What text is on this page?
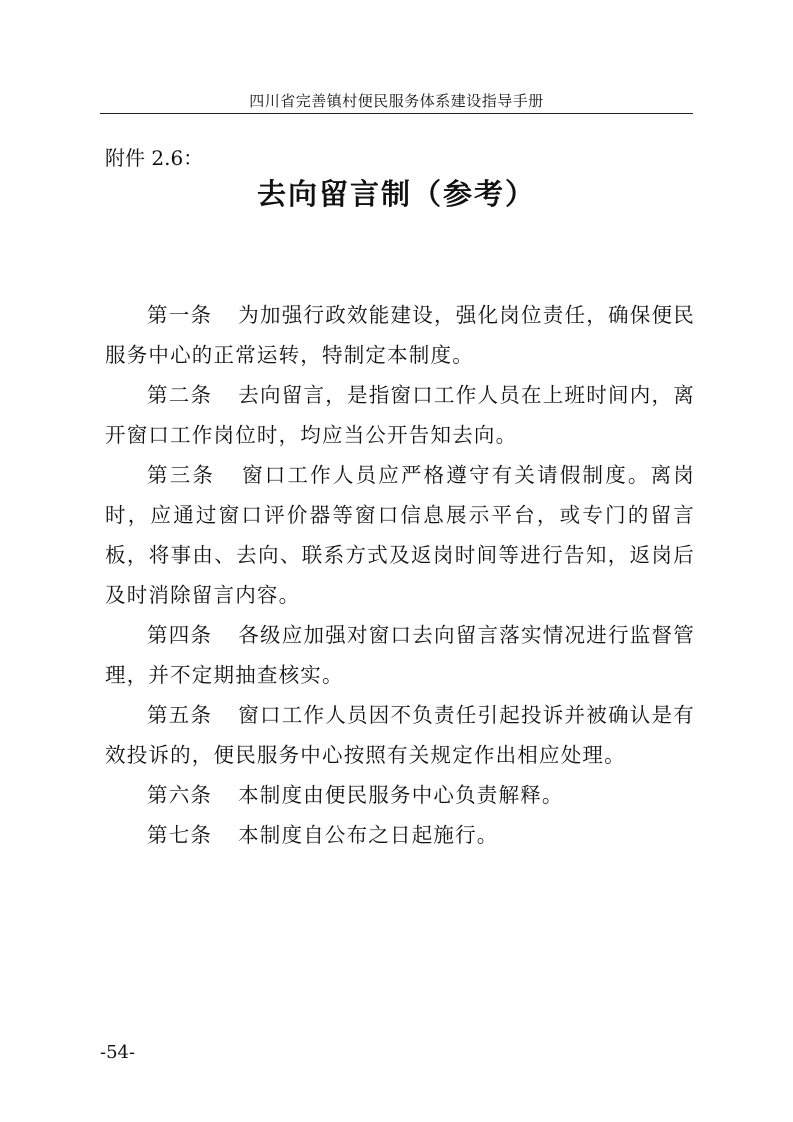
四川省完善镇村便民服务体系建设指导手册
附件 2.6：
去向留言制（参考）

第一条 为加强行政效能建设，强化岗位责任，确保便民服务中心的正常运转，特制定本制度。

第二条 去向留言，是指窗口工作人员在上班时间内，离开窗口工作岗位时，均应当公开告知去向。

第三条 窗口工作人员应严格遵守有关请假制度。离岗时，应通过窗口评价器等窗口信息展示平台，或专门的留言板，将事由、去向、联系方式及返岗时间等进行告知，返岗后及时消除留言内容。

第四条 各级应加强对窗口去向留言落实情况进行监督管理，并不定期抽查核实。

第五条 窗口工作人员因不负责任引起投诉并被确认是有效投诉的，便民服务中心按照有关规定作出相应处理。

第六条 本制度由便民服务中心负责解释。

第七条 本制度自公布之日起施行。

-54-
